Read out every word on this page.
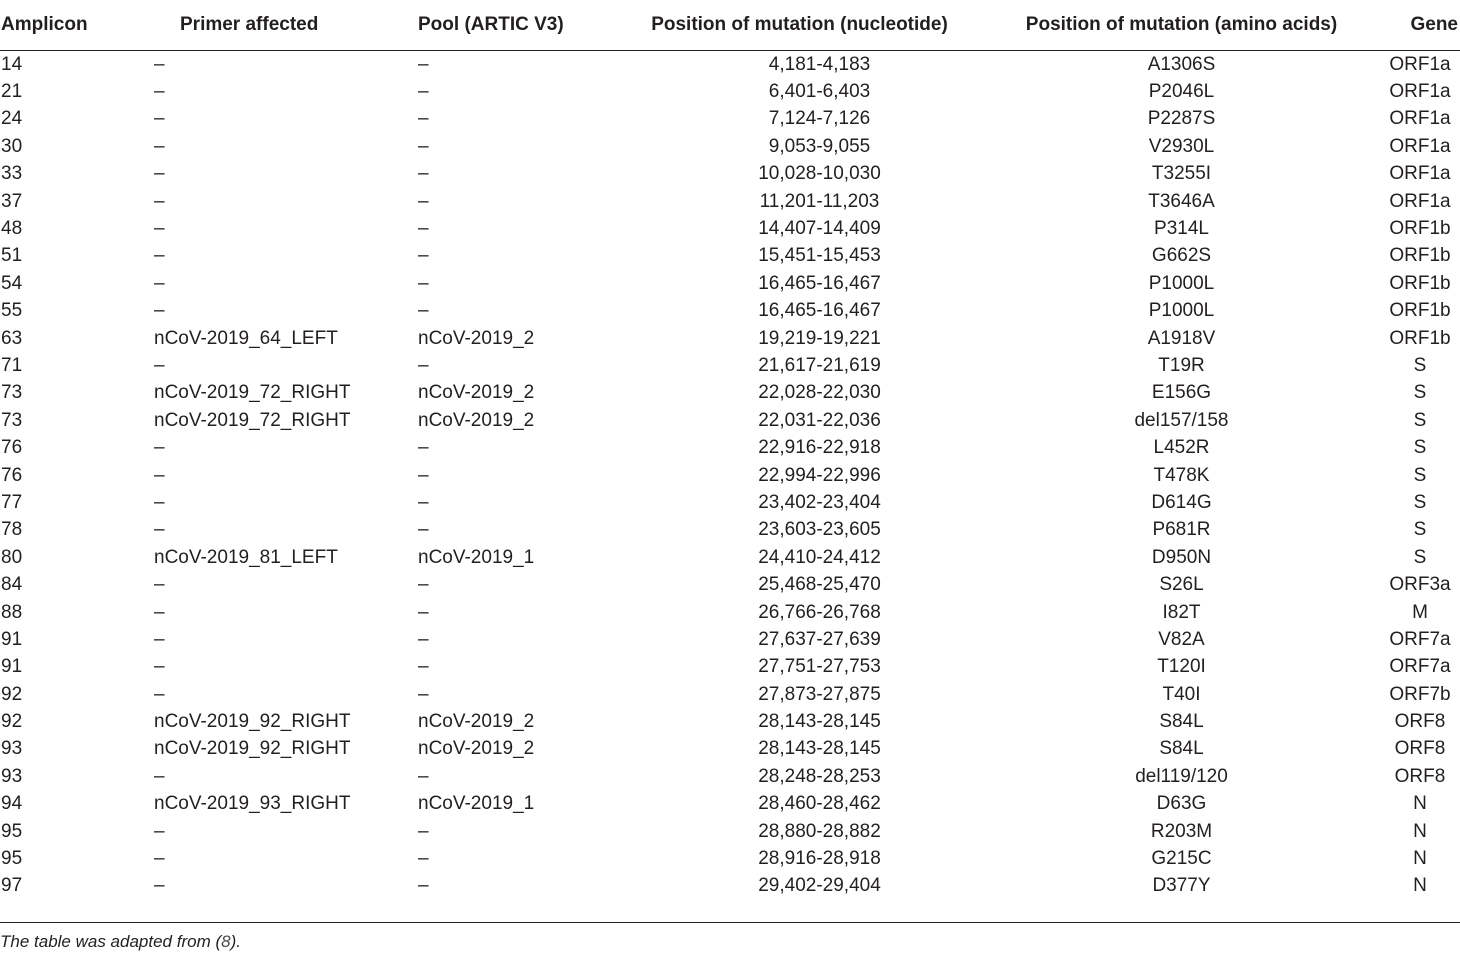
Amplicon	Primer affected	Pool (ARTIC V3)	Position of mutation (nucleotide)	Position of mutation (amino acids)	Gene
14	–	–	4,181-4,183	A1306S	ORF1a
21	–	–	6,401-6,403	P2046L	ORF1a
24	–	–	7,124-7,126	P2287S	ORF1a
30	–	–	9,053-9,055	V2930L	ORF1a
33	–	–	10,028-10,030	T3255I	ORF1a
37	–	–	11,201-11,203	T3646A	ORF1a
48	–	–	14,407-14,409	P314L	ORF1b
51	–	–	15,451-15,453	G662S	ORF1b
54	–	–	16,465-16,467	P1000L	ORF1b
55	–	–	16,465-16,467	P1000L	ORF1b
63	nCoV-2019_64_LEFT	nCoV-2019_2	19,219-19,221	A1918V	ORF1b
71	–	–	21,617-21,619	T19R	S
73	nCoV-2019_72_RIGHT	nCoV-2019_2	22,028-22,030	E156G	S
73	nCoV-2019_72_RIGHT	nCoV-2019_2	22,031-22,036	del157/158	S
76	–	–	22,916-22,918	L452R	S
76	–	–	22,994-22,996	T478K	S
77	–	–	23,402-23,404	D614G	S
78	–	–	23,603-23,605	P681R	S
80	nCoV-2019_81_LEFT	nCoV-2019_1	24,410-24,412	D950N	S
84	–	–	25,468-25,470	S26L	ORF3a
88	–	–	26,766-26,768	I82T	M
91	–	–	27,637-27,639	V82A	ORF7a
91	–	–	27,751-27,753	T120I	ORF7a
92	–	–	27,873-27,875	T40I	ORF7b
92	nCoV-2019_92_RIGHT	nCoV-2019_2	28,143-28,145	S84L	ORF8
93	nCoV-2019_92_RIGHT	nCoV-2019_2	28,143-28,145	S84L	ORF8
93	–	–	28,248-28,253	del119/120	ORF8
94	nCoV-2019_93_RIGHT	nCoV-2019_1	28,460-28,462	D63G	N
95	–	–	28,880-28,882	R203M	N
95	–	–	28,916-28,918	G215C	N
97	–	–	29,402-29,404	D377Y	N
The table was adapted from (8).
